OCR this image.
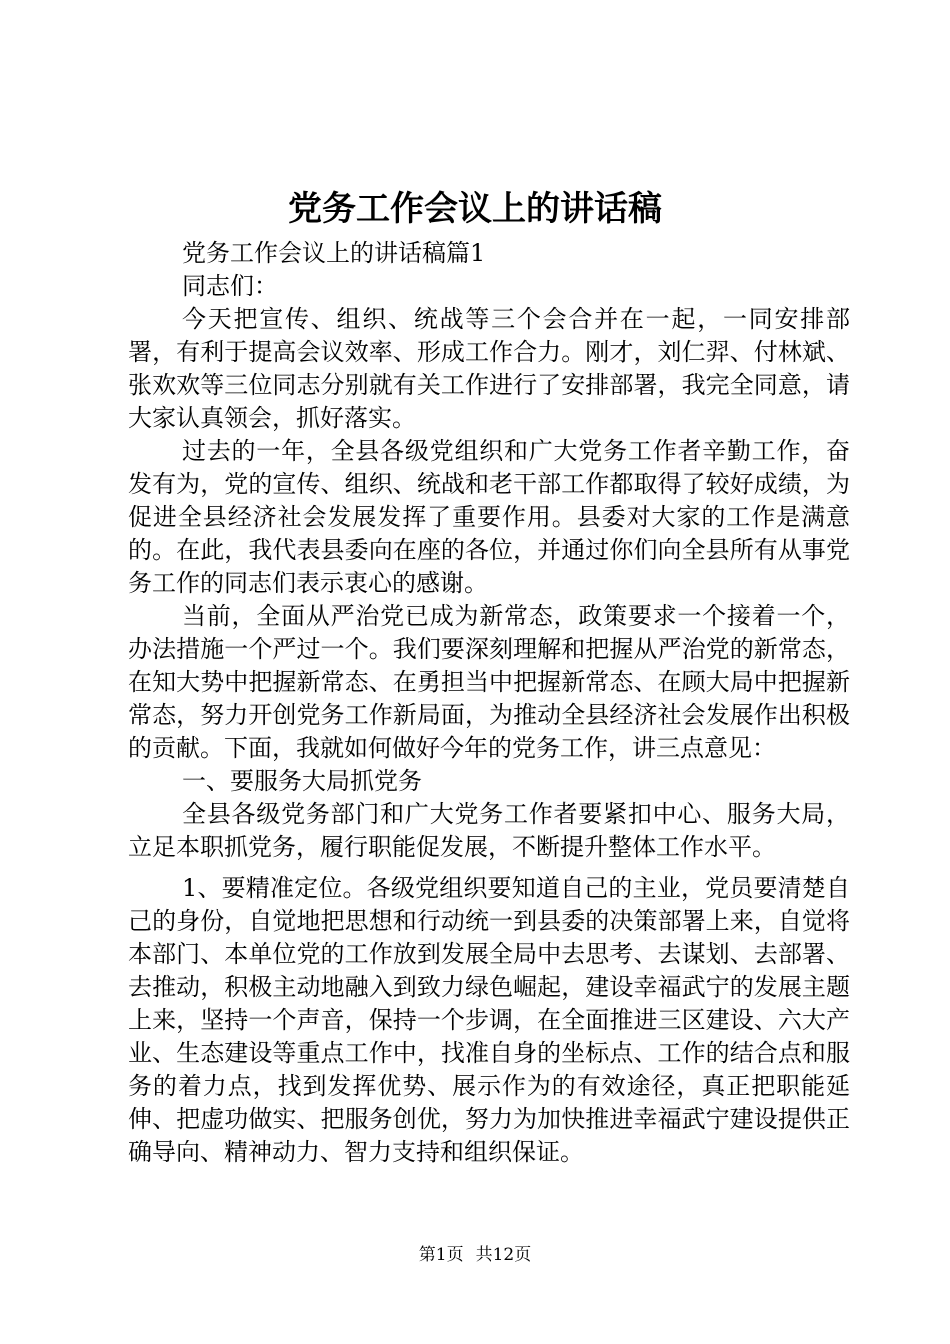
党务工作会议上的讲话稿

党务工作会议上的讲话稿篇1

同志们：

今天把宣传、组织、统战等三个会合并在一起，一同安排部署，有利于提高会议效率、形成工作合力。刚才，刘仁羿、付林斌、张欢欢等三位同志分别就有关工作进行了安排部署，我完全同意，请大家认真领会，抓好落实。

过去的一年，全县各级党组织和广大党务工作者辛勤工作，奋发有为，党的宣传、组织、统战和老干部工作都取得了较好成绩，为促进全县经济社会发展发挥了重要作用。县委对大家的工作是满意的。在此，我代表县委向在座的各位，并通过你们向全县所有从事党务工作的同志们表示衷心的感谢。

当前，全面从严治党已成为新常态，政策要求一个接着一个，办法措施一个严过一个。我们要深刻理解和把握从严治党的新常态，在知大势中把握新常态、在勇担当中把握新常态、在顾大局中把握新常态，努力开创党务工作新局面，为推动全县经济社会发展作出积极的贡献。下面，我就如何做好今年的党务工作，讲三点意见：

一、要服务大局抓党务

全县各级党务部门和广大党务工作者要紧扣中心、服务大局，立足本职抓党务，履行职能促发展，不断提升整体工作水平。

1、要精准定位。各级党组织要知道自己的主业，党员要清楚自己的身份，自觉地把思想和行动统一到县委的决策部署上来，自觉将本部门、本单位党的工作放到发展全局中去思考、去谋划、去部署、去推动，积极主动地融入到致力绿色崛起，建设幸福武宁的发展主题上来，坚持一个声音，保持一个步调，在全面推进三区建设、六大产业、生态建设等重点工作中，找准自身的坐标点、工作的结合点和服务的着力点，找到发挥优势、展示作为的有效途径，真正把职能延伸、把虚功做实、把服务创优，努力为加快推进幸福武宁建设提供正确导向、精神动力、智力支持和组织保证。

第1页 共12页
